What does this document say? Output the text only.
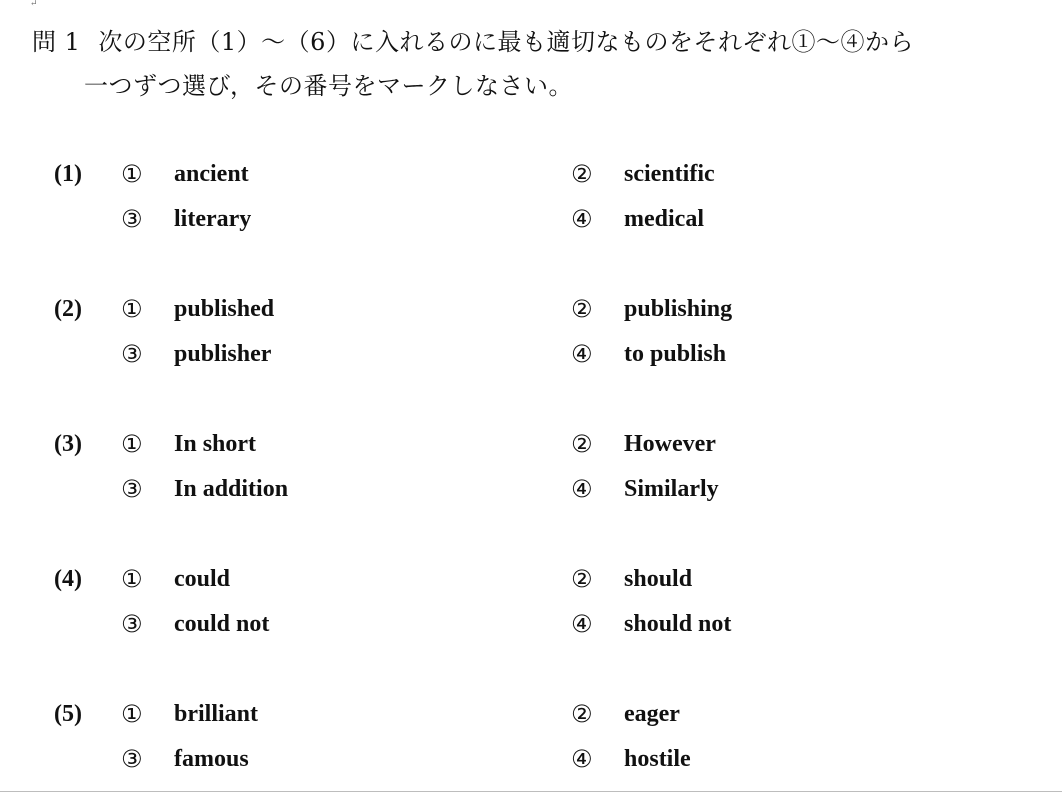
↵
問 1 次の空所（1）～（6）に入れるのに最も適切なものをそれぞれ①～④から
一つずつ選び，その番号をマークしなさい。
(1) ①	ancient	②	scientific
③	literary	④	medical
(2) ①	published	②	publishing
③	publisher	④	to publish
(3) ①	In short	②	However
③	In addition	④	Similarly
(4) ①	could	②	should
③	could not	④	should not
(5) ①	brilliant	②	eager
③	famous	④	hostile
